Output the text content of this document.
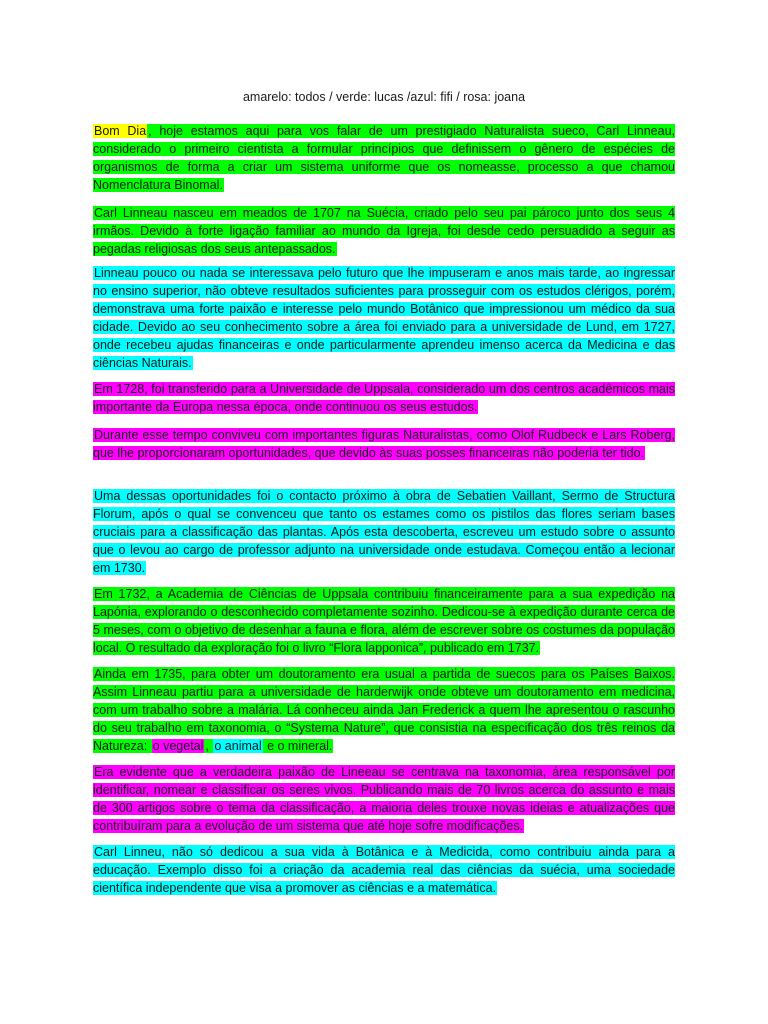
amarelo: todos / verde: lucas /azul: fifi / rosa: joana

Bom Dia , hoje estamos aqui para vos falar de um prestigiado Naturalista sueco, Carl Linneau, considerado o primeiro cientista a formular princípios que definissem o gênero de espécies de organismos de forma a criar um sistema uniforme que os nomeasse, processo a que chamou Nomenclatura Binomal.

Carl Linneau nasceu em meados de 1707 na Suécia, criado pelo seu pai pároco junto dos seus 4 irmãos. Devido à forte ligação familiar ao mundo da Igreja, foi desde cedo persuadido a seguir as pegadas religiosas dos seus antepassados.

Linneau pouco ou nada se interessava pelo futuro que lhe impuseram e anos mais tarde, ao ingressar no ensino superior, não obteve resultados suficientes para prosseguir com os estudos clérigos, porém, demonstrava uma forte paixão e interesse pelo mundo Botânico que impressionou um médico da sua cidade. Devido ao seu conhecimento sobre a área foi enviado para a universidade de Lund, em 1727, onde recebeu ajudas financeiras e onde particularmente aprendeu imenso acerca da Medicina e das ciências Naturais.

Em 1728, foi transferido para a Universidade de Uppsala, considerado um dos centros acadêmicos mais importante da Europa nessa época, onde continuou os seus estudos.

Durante esse tempo conviveu com importantes figuras Naturalistas, como Olof Rudbeck e Lars Roberg, que lhe proporcionaram oportunidades, que devido às suas posses financeiras não poderia ter tido.

Uma dessas oportunidades foi o contacto próximo à obra de Sebatien Vaillant, Sermo de Structura Florum, após o qual se convenceu que tanto os estames como os pistilos das flores seriam bases cruciais para a classificação das plantas. Após esta descoberta, escreveu um estudo sobre o assunto que o levou ao cargo de professor adjunto na universidade onde estudava. Começou então a lecionar em 1730.

Em 1732, a Academia de Ciências de Uppsala contribuiu financeiramente para a sua expedição na Lapónia, explorando o desconhecido completamente sozinho. Dedicou-se à expedição durante cerca de 5 meses, com o objetivo de desenhar a fauna e flora, além de escrever sobre os costumes da população local. O resultado da exploração foi o livro “Flora lapponica”, publicado em 1737.

Ainda em 1735, para obter um doutoramento era usual a partida de suecos para os Países Baixos. Assim Linneau partiu para a universidade de harderwijk onde obteve um doutoramento em medicina, com um trabalho sobre a malária. Lá conheceu ainda Jan Frederick a quem lhe apresentou o rascunho do seu trabalho em taxonomia, o “Systema Nature”, que consistia na especificação dos três reinos da Natureza: o vegetal , o animal e o mineral.

Era evidente que a verdadeira paixão de Lineeau se centrava na taxonomia, área responsável por identificar, nomear e classificar os seres vivos. Publicando mais de 70 livros acerca do assunto e mais de 300 artigos sobre o tema da classificação, a maioria deles trouxe novas ideias e atualizações que contribuíram para a evolução de um sistema que até hoje sofre modificações.

Carl Linneu, não só dedicou a sua vida à Botânica e à Medicida, como contribuiu ainda para a educação. Exemplo disso foi a criação da academia real das ciências da suécia, uma sociedade científica independente que visa a promover as ciências e a matemática.
